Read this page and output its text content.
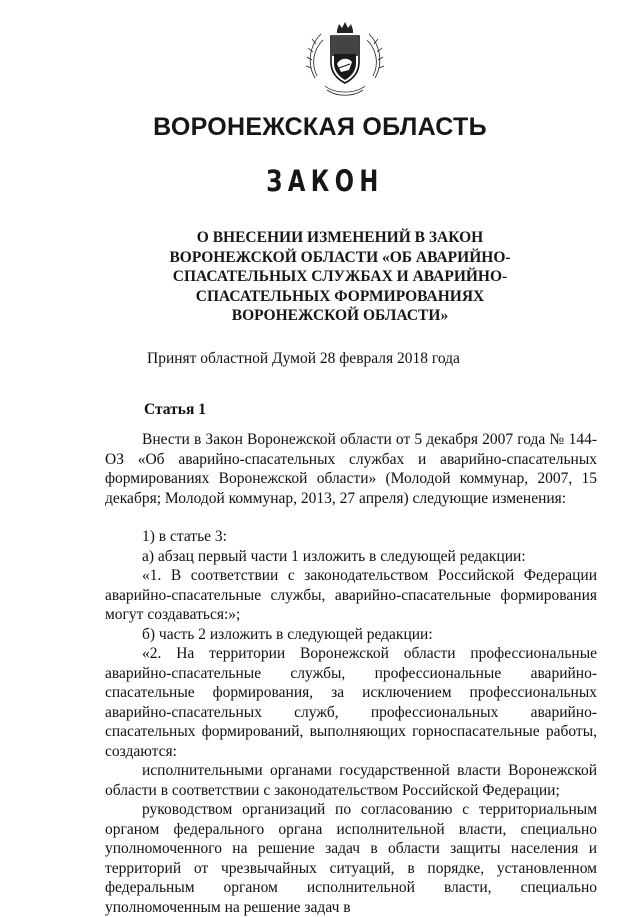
ВОРОНЕЖСКАЯ ОБЛАСТЬ
ЗАКОН
О ВНЕСЕНИИ ИЗМЕНЕНИЙ В ЗАКОН ВОРОНЕЖСКОЙ ОБЛАСТИ «ОБ АВАРИЙНО-СПАСАТЕЛЬНЫХ СЛУЖБАХ И АВАРИЙНО-СПАСАТЕЛЬНЫХ ФОРМИРОВАНИЯХ ВОРОНЕЖСКОЙ ОБЛАСТИ»
Принят областной Думой 28 февраля 2018 года
Статья 1

Внести в Закон Воронежской области от 5 декабря 2007 года № 144-ОЗ «Об аварийно-спасательных службах и аварийно-спасательных формированиях Воронежской области» (Молодой коммунар, 2007, 15 декабря; Молодой коммунар, 2013, 27 апреля) следующие изменения:

1) в статье 3:

а) абзац первый части 1 изложить в следующей редакции:

«1. В соответствии с законодательством Российской Федерации аварийно-спасательные службы, аварийно-спасательные формирования могут создаваться:»;

б) часть 2 изложить в следующей редакции:

«2. На территории Воронежской области профессиональные аварийно-спасательные службы, профессиональные аварийно-спасательные формирования, за исключением профессиональных аварийно-спасательных служб, профессиональных аварийно-спасательных формирований, выполняющих горноспасательные работы, создаются:

исполнительными органами государственной власти Воронежской области в соответствии с законодательством Российской Федерации;

руководством организаций по согласованию с территориальным органом федерального органа исполнительной власти, специально уполномоченного на решение задач в области защиты населения и территорий от чрезвычайных ситуаций, в порядке, установленном федеральным органом исполнительной власти, специально уполномоченным на решение задач в
